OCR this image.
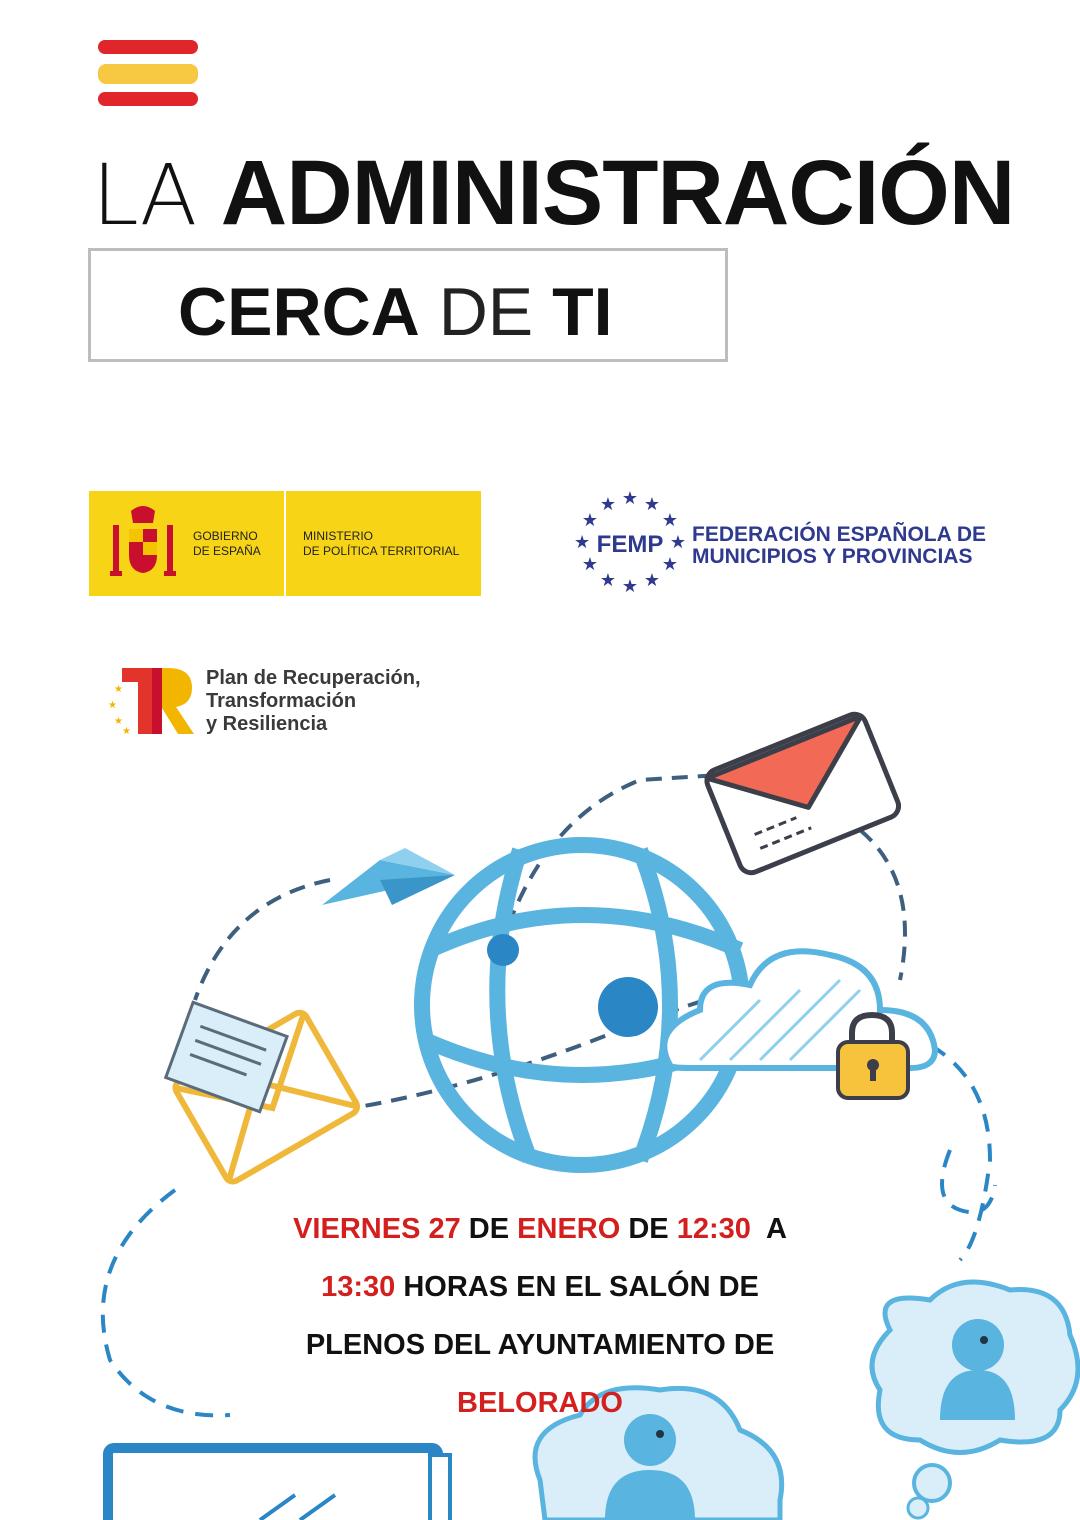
LA ADMINISTRACIÓN
CERCA DE TI
GOBIERNO
DE ESPAÑA
MINISTERIO
DE POLÍTICA TERRITORIAL
★
★ ★
★	★
★	★
★	★
★ ★
★
FEMP FEDERACIÓN ESPAÑOLA DE
MUNICIPIOS Y PROVINCIAS
★
★
★
★
Plan de Recuperación,
Transformación
y Resiliencia
VIERNES 27 DE ENERO DE 12:30 A
13:30 HORAS EN EL SALÓN DE
PLENOS DEL AYUNTAMIENTO DE
BELORADO
